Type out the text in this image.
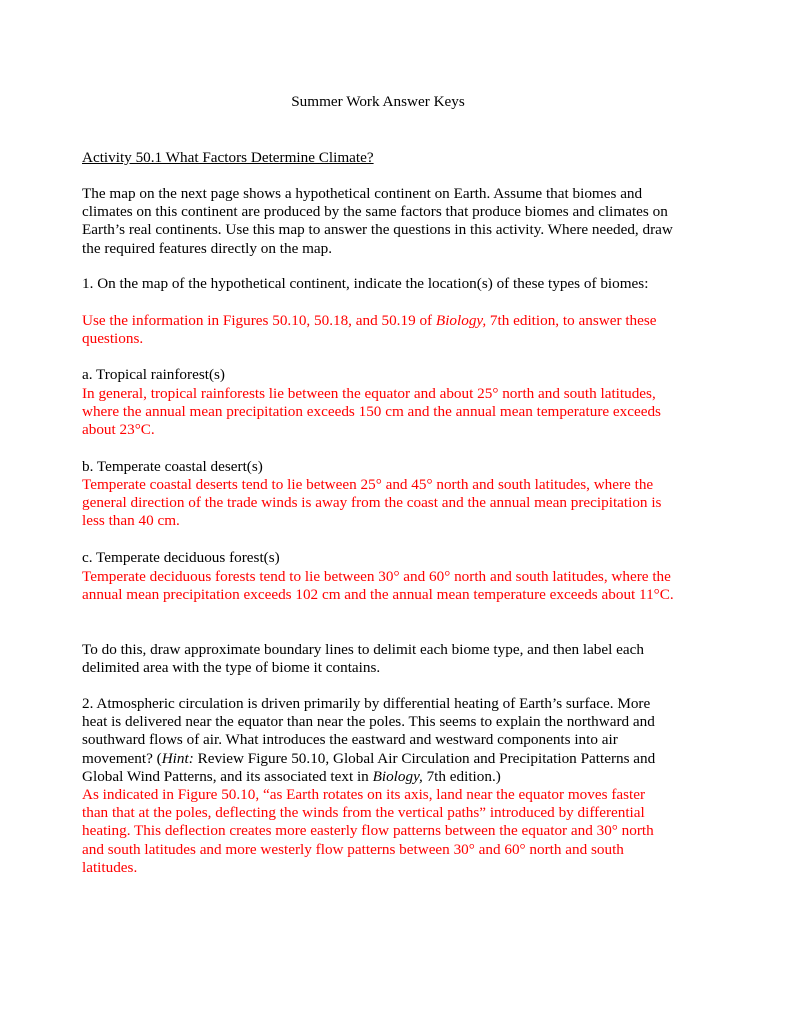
Summer Work Answer Keys
Activity 50.1 What Factors Determine Climate?

The map on the next page shows a hypothetical continent on Earth. Assume that biomes and climates on this continent are produced by the same factors that produce biomes and climates on Earth’s real continents. Use this map to answer the questions in this activity. Where needed, draw the required features directly on the map.

1. On the map of the hypothetical continent, indicate the location(s) of these types of biomes:

Use the information in Figures 50.10, 50.18, and 50.19 of Biology, 7th edition, to answer these questions.

a. Tropical rainforest(s)

In general, tropical rainforests lie between the equator and about 25° north and south latitudes, where the annual mean precipitation exceeds 150 cm and the annual mean temperature exceeds about 23°C.

b. Temperate coastal desert(s)

Temperate coastal deserts tend to lie between 25° and 45° north and south latitudes, where the general direction of the trade winds is away from the coast and the annual mean precipitation is less than 40 cm.

c. Temperate deciduous forest(s)

Temperate deciduous forests tend to lie between 30° and 60° north and south latitudes, where the annual mean precipitation exceeds 102 cm and the annual mean temperature exceeds about 11°C.

To do this, draw approximate boundary lines to delimit each biome type, and then label each delimited area with the type of biome it contains.

2. Atmospheric circulation is driven primarily by differential heating of Earth’s surface. More heat is delivered near the equator than near the poles. This seems to explain the northward and southward flows of air. What introduces the eastward and westward components into air movement? (Hint: Review Figure 50.10, Global Air Circulation and Precipitation Patterns and Global Wind Patterns, and its associated text in Biology, 7th edition.)

As indicated in Figure 50.10, “as Earth rotates on its axis, land near the equator moves faster than that at the poles, deflecting the winds from the vertical paths” introduced by differential heating. This deflection creates more easterly flow patterns between the equator and 30° north and south latitudes and more westerly flow patterns between 30° and 60° north and south latitudes.
